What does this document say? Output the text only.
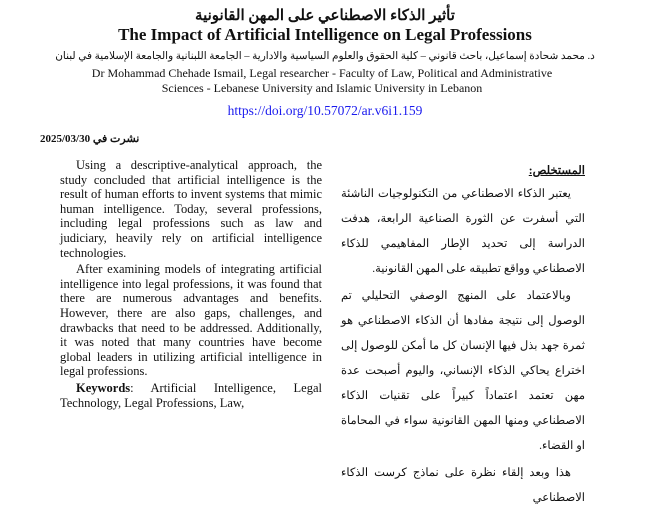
تأثير الذكاء الاصطناعي على المهن القانونية
The Impact of Artificial Intelligence on Legal Professions
د. محمد شحادة إسماعيل، باحث قانوني – كلية الحقوق والعلوم السياسية والادارية – الجامعة اللبنانية والجامعة الإسلامية في لبنان
Dr Mohammad Chehade Ismail, Legal researcher - Faculty of Law, Political and Administrative
Sciences - Lebanese University and Islamic University in Lebanon
https://doi.org/10.57072/ar.v6i1.159
نشرت في 2025/03/30

Using a descriptive-analytical approach, the study concluded that artificial intelligence is the result of human efforts to invent systems that mimic human intelligence. Today, several professions, including legal professions such as law and judiciary, heavily rely on artificial intelligence technologies.

After examining models of integrating artificial intelligence into legal professions, it was found that there are numerous advantages and benefits. However, there are also gaps, challenges, and drawbacks that need to be addressed. Additionally, it was noted that many countries have become global leaders in utilizing artificial intelligence in legal professions.

Keywords: Artificial Intelligence, Legal Technology, Legal Professions, Law,

المستخلص:

يعتبر الذكاء الاصطناعي من التكنولوجيات الناشئة التي أسفرت عن الثورة الصناعية الرابعة، هدفت الدراسة إلى تحديد الإطار المفاهيمي للذكاء الاصطناعي وواقع تطبيقه على المهن القانونية.

وبالاعتماد على المنهج الوصفي التحليلي تم الوصول إلى نتيجة مفادها أن الذكاء الاصطناعي هو ثمرة جهد بذل فيها الإنسان كل ما أمكن للوصول إلى اختراع يحاكي الذكاء الإنساني، واليوم أصبحت عدة مهن تعتمد اعتماداً كبيراً على تقنيات الذكاء الاصطناعي ومنها المهن القانونية سواء في المحاماة او القضاء.

هذا وبعد إلقاء نظرة على نماذج كرست الذكاء الاصطناعي
